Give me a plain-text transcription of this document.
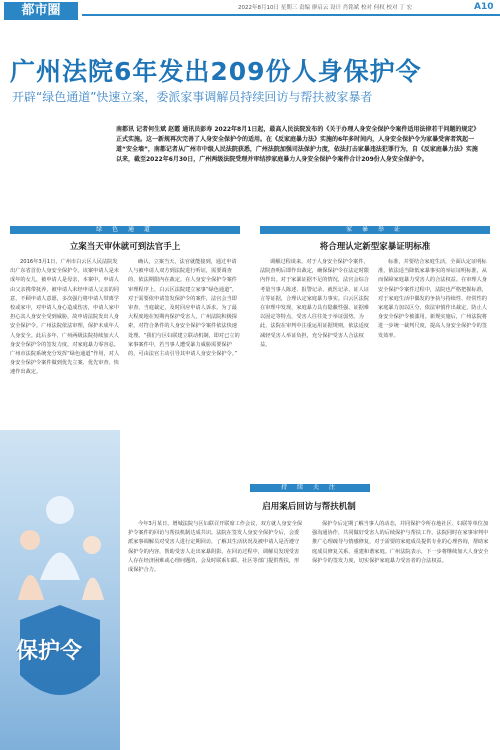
都市圈	2022年8月10日 星期三 责编 廖启云 设计 肖铭斌 校对 何权 校对 丁 宏	A10
广州法院6年发出209份人身保护令
开辟“绿色通道”快速立案，委派家事调解员持续回访与帮扶被家暴者
南都讯 记者何生斌 赵霞 通讯员彭寿 2022年8月1日起，最高人民法院发布的《关于办理人身安全保护令案件适用法律若干问题的规定》正式实施。这一新规再次完善了人身安全保护令的适用。在《反家庭暴力法》实施的6年多时间内，人身安全保护令为家暴受害者筑起一道“安全墙”，南都记者从广州市中级人民法院获悉，广州法院加强司法保护力度，依法打击家暴违法犯罪行为，自《反家庭暴力法》实施以来，截至2022年6月30日，广州两级法院受理并审结涉家庭暴力人身安全保护令案件合计209份人身安全保护令。
绿 色 通 道
立案当天审休就可到法官手上
家 暴 举 证
将合理认定新型家暴证明标准

2016年3月1日，广州市白云区人民法院发出广东省首份人身安全保护令。该案申请人是未成年的女儿，被申请人是母亲，本案中，申请人由父亲携带抚养，被申请人未经申请人父亲的同意，不顾申请人意愿，多次强行将申请人带离学校或家中，对申请人身心造成伤害，申请人家中担心其人身安全受到威胁，故申请法院发出人身安全保护令。广州法院依法审理，保护未成年人人身安全。此后多年，广州两级法院持续加大人身安全保护令的签发力度，对家庭暴力零容忍。广州市法院系统充分发挥“绿色通道”作用，对人身安全保护令案件做到优先立案、优先审查、快速作出裁定。

确认，立案当天，法官就能接到，通过申请人与被申请人双方到法院进行听证，需要调查的，依法期限内在裁定。在人身安全保护令案件审理程序上，白云区法院建立家事“绿色通道”，对于需要依申请签发保护令的案件，法官会当即审查、当庭裁定，及时回应申请人诉求。为了最大程度地在短期内保护受害人，广州法院积极探索，对符合条件的人身安全保护令案件依法快速处理。“我们与区妇联建立联动机制，即对已立的家事案件中，若当事人遭受暴力威胁需要保护的，可由法官主动引导其申请人身安全保护令。”

调解过程谈来，对于人身安全保护令案件，法院查明后即作出裁定，确保保护令在法定时限内作出。对于家暴证据不足的情况，法官会综合考量当事人陈述、报警记录、就医记录、证人证言等证据，合理认定家庭暴力事实。白云区法院在审理中发现，家庭暴力具有隐蔽性强、证据难以固定等特点，受害人往往处于举证弱势。为此，法院在审判中注重运用证据规则，依法适度减轻受害人举证负担，充分保护受害人合法权益。

标准，并要结合家庭生活，全面认定证明标准，依法适当降低家暴事实的举证证明标准，从而保障家庭暴力受害人的合法权益。在审理人身安全保护令案件过程中，法院也严格把握标准，对于家庭生活中偶发的争执与持续性、经常性的家庭暴力加以区分，依法审慎作出裁定，防止人身安全保护令被滥用。新规实施后，广州法院将进一步统一裁判尺度，提高人身安全保护令的签发效率。

持 续 关 注
启用案后回访与帮扶机制

今年3月某日，增城法院与区妇联召开联席工作会议，双方就人身安全保护令案件的回访与帮扶机制达成共识。法院在签发人身安全保护令后，会委派家事调解员对受害人进行定期回访，了解其生活状况及被申请人是否遵守保护令的内容，帮助受害人走出家暴阴影。在回访过程中，调解员发现受害人存在经济困难或心理问题的，会及时联系妇联、社区等部门提供帮扶，形成保护合力。

保护令后定期了解当事人的动态，并同保护令所在地社区、妇联等单位加强沟通协作，共同做好受害人的后续保护与帮扶工作。法院同时在家事审判中推广心理疏导与情感修复，对于需要的家庭成员提供专业的心理咨询，帮助家庭成员修复关系、重建和谐家庭。广州法院表示，下一步将继续加大人身安全保护令的签发力度，切实保护家庭暴力受害者的合法权益。

保护令
